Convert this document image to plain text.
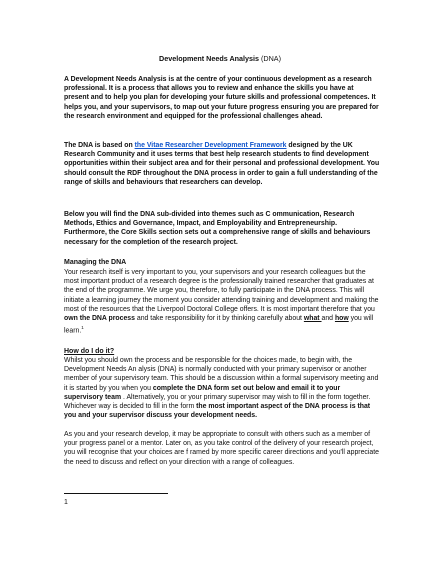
Development Needs Analysis (DNA)
A Development Needs Analysis is at the centre of your continuous development as a research professional. It is a process that allows you to review and enhance the skills you have at present and to help you plan for developing your future skills and professional competences. It helps you, and your supervisors, to map out your future progress ensuring you are prepared for the research environment and equipped for the professional challenges ahead.
The DNA is based on the Vitae Researcher Development Framework designed by the UK Research Community and it uses terms that best help research students to find development opportunities within their subject area and for their personal and professional development. You should consult the RDF throughout the DNA process in order to gain a full understanding of the range of skills and behaviours that researchers can develop.
Below you will find the DNA sub-divided into themes such as C ommunication, Research Methods, Ethics and Governance, Impact, and Employability and Entrepreneurship. Furthermore, the Core Skills section sets out a comprehensive range of skills and behaviours necessary for the completion of the research project.
Managing the DNA
Your research itself is very important to you, your supervisors and your research colleagues but the most important product of a research degree is the professionally trained researcher that graduates at the end of the programme. We urge you, therefore, to fully participate in the DNA process. This will initiate a learning journey the moment you consider attending training and development and making the most of the resources that the Liverpool Doctoral College offers. It is most important therefore that you own the DNA process and take responsibility for it by thinking carefully about what and how you will learn.$^1$
How do I do it?
Whilst you should own the process and be responsible for the choices made, to begin with, the Development Needs An alysis (DNA) is normally conducted with your primary supervisor or another member of your supervisory team. This should be a discussion within a formal supervisory meeting and it is started by you when you complete the DNA form set out below and email it to your supervisory team . Alternatively, you or your primary supervisor may wish to fill in the form together. Whichever way is decided to fill in the form the most important aspect of the DNA process is that you and your supervisor discuss your development needs.
As you and your research develop, it may be appropriate to consult with others such as a member of your progress panel or a mentor. Later on, as you take control of the delivery of your research project, you will recognise that your choices are f ramed by more specific career directions and you'll appreciate the need to discuss and reflect on your direction with a range of colleagues.
1
